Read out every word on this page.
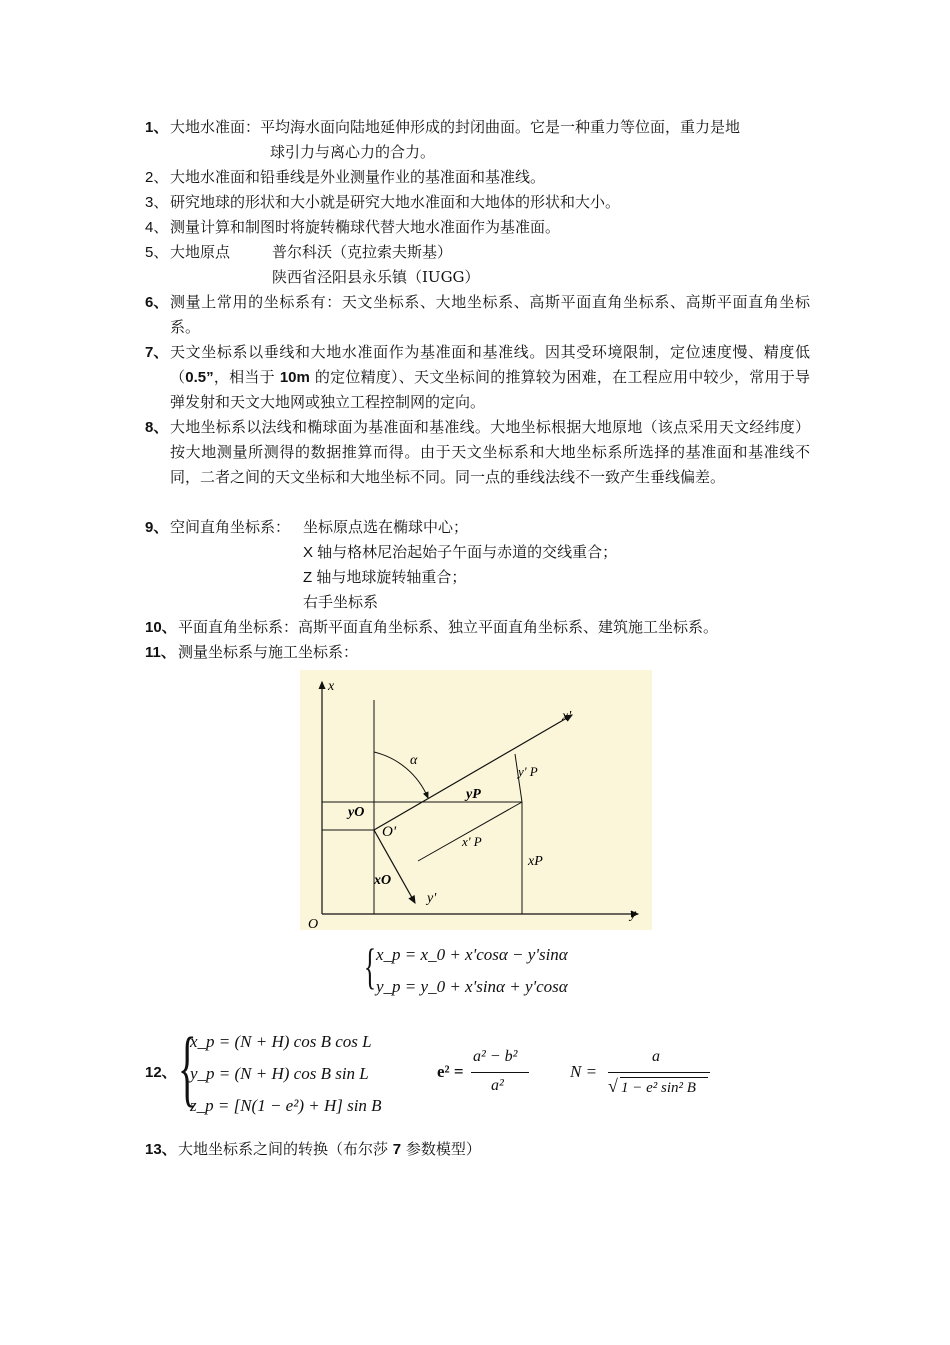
1、 大地水准面：平均海水面向陆地延伸形成的封闭曲面。它是一种重力等位面，重力是地
球引力与离心力的合力。
2、 大地水准面和铅垂线是外业测量作业的基准面和基准线。
3、 研究地球的形状和大小就是研究大地水准面和大地体的形状和大小。
4、 测量计算和制图时将旋转椭球代替大地水准面作为基准面。
5、 大地原点	普尔科沃（克拉索夫斯基）
陕西省泾阳县永乐镇（IUGG）
6、 测量上常用的坐标系有：天文坐标系、大地坐标系、高斯平面直角坐标系、高斯平面直角坐标系。
7、 天文坐标系以垂线和大地水准面作为基准面和基准线。因其受环境限制，定位速度慢、精度低（0.5”，相当于 10m 的定位精度）、天文坐标间的推算较为困难，在工程应用中较少，常用于导弹发射和天文大地网或独立工程控制网的定向。
8、 大地坐标系以法线和椭球面为基准面和基准线。大地坐标根据大地原地（该点采用天文经纬度）按大地测量所测得的数据推算而得。由于天文坐标系和大地坐标系所选择的基准面和基准线不同，二者之间的天文坐标和大地坐标不同。同一点的垂线法线不一致产生垂线偏差。
9、 空间直角坐标系： 坐标原点选在椭球中心；
X 轴与格林尼治起始子午面与赤道的交线重合；
Z 轴与地球旋转轴重合；
右手坐标系
10、 平面直角坐标系：高斯平面直角坐标系、独立平面直角坐标系、建筑施工坐标系。
11、 测量坐标系与施工坐标系：
x
O
y
x'
y'
α
O'
yP
xP
yO
xO
y' P
x' P
{ x_p = x_0 + x'cosα − y'sinα
y_p = y_0 + x'sinα + y'cosα
12、 {
x_p = (N + H) cos B cos L
y_p = (N + H) cos B sin L
z_p = [N(1 − e²) + H] sin B
e² =
a² − b²
a²
N =
a
√ 1 − e² sin² B
13、 大地坐标系之间的转换（布尔莎 7 参数模型）
